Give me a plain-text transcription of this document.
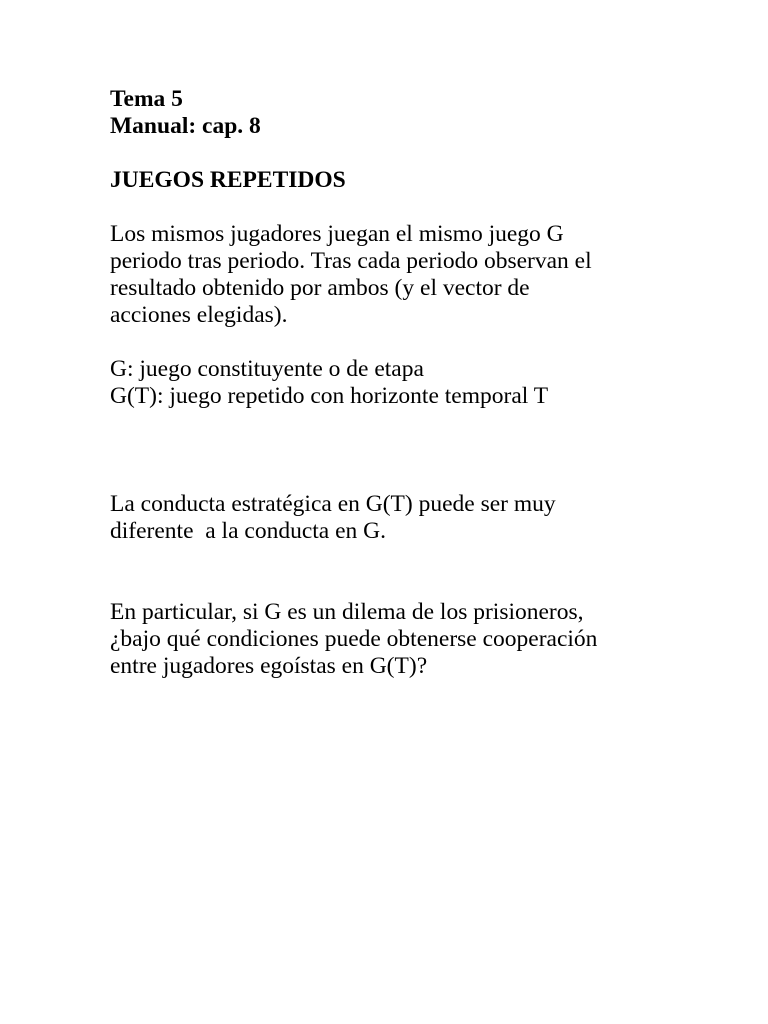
Tema 5
Manual: cap. 8
JUEGOS REPETIDOS
Los mismos jugadores juegan el mismo juego G
periodo tras periodo. Tras cada periodo observan el
resultado obtenido por ambos (y el vector de
acciones elegidas).
G: juego constituyente o de etapa
G(T): juego repetido con horizonte temporal T
La conducta estratégica en G(T) puede ser muy
diferente  a la conducta en G.
En particular, si G es un dilema de los prisioneros,
¿bajo qué condiciones puede obtenerse cooperación
entre jugadores egoístas en G(T)?
